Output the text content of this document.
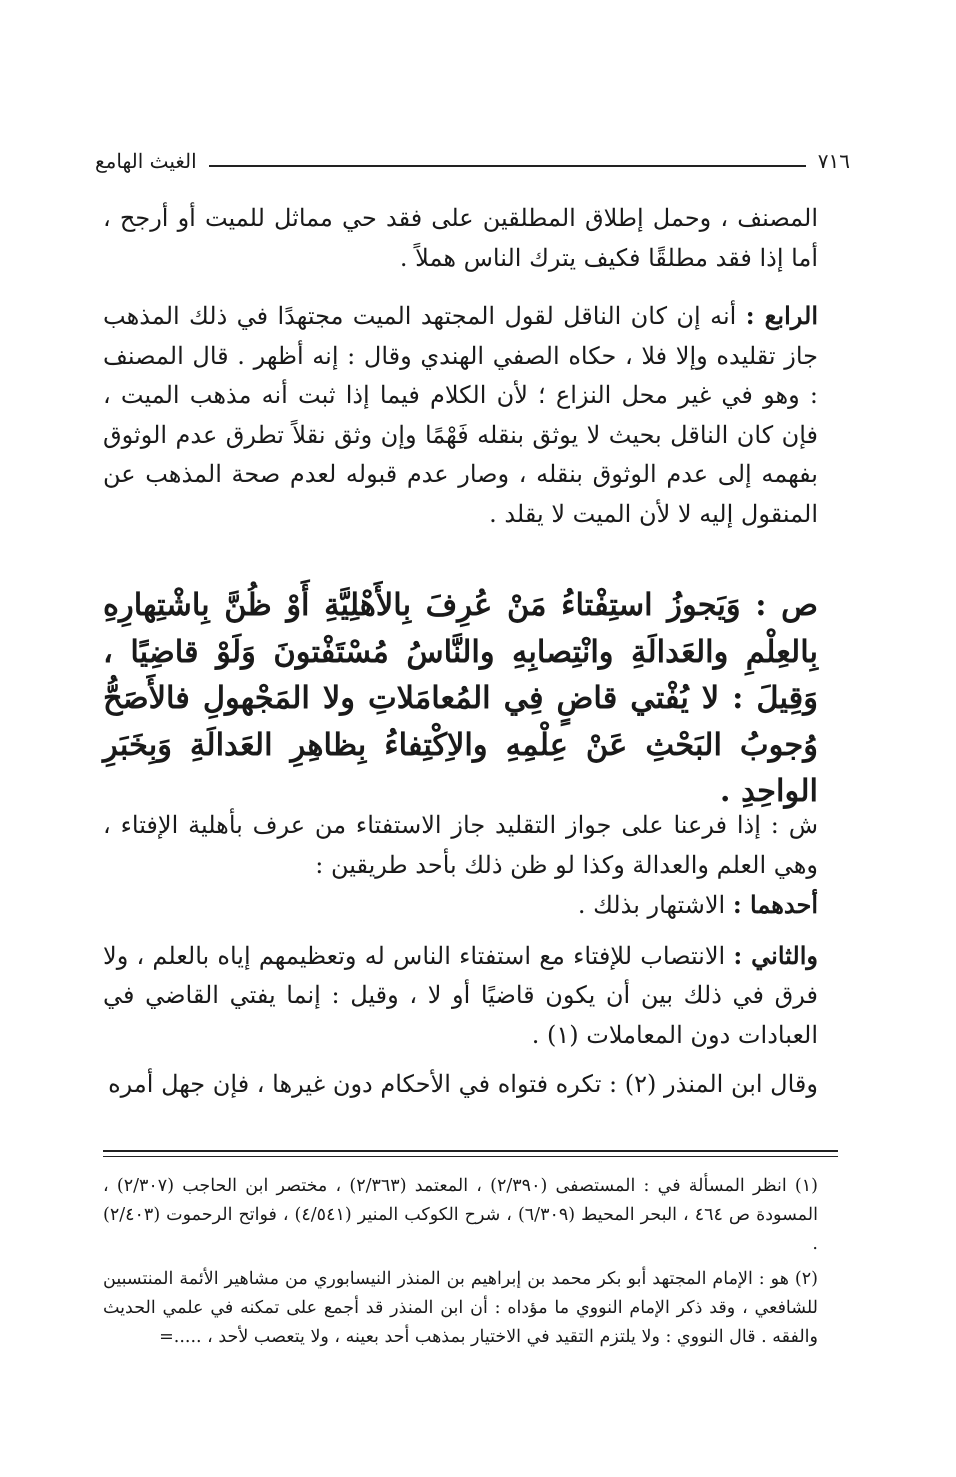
٧١٦
الغيث الهامع

المصنف ، وحمل إطلاق المطلقين على فقد حي مماثل للميت أو أرجح ، أما إذا فقد مطلقًا فكيف يترك الناس هملاً .

الرابع : أنه إن كان الناقل لقول المجتهد الميت مجتهدًا في ذلك المذهب جاز تقليده وإلا فلا ، حكاه الصفي الهندي وقال : إنه أظهر . قال المصنف : وهو في غير محل النزاع ؛ لأن الكلام فيما إذا ثبت أنه مذهب الميت ، فإن كان الناقل بحيث لا يوثق بنقله فَهْمًا وإن وثق نقلاً تطرق عدم الوثوق بفهمه إلى عدم الوثوق بنقله ، وصار عدم قبوله لعدم صحة المذهب عن المنقول إليه لا لأن الميت لا يقلد .

ص : وَيَجوزُ استِفْتاءُ مَنْ عُرِفَ بِالأَهْلِيَّةِ أَوْ ظُنَّ بِاشْتِهارِهِ بِالعِلْمِ والعَدالَةِ وانْتِصابِهِ والنَّاسُ مُسْتَفْتونَ وَلَوْ قاضِيًا ، وَقِيلَ : لا يُفْتي قاضٍ فِي المُعامَلاتِ ولا المَجْهولِ فالأَصَحُّ وُجوبُ البَحْثِ عَنْ عِلْمِهِ والاِكْتِفاءُ بِظاهِرِ العَدالَةِ وَبِخَبَرِ الواحِدِ .

ش : إذا فرعنا على جواز التقليد جاز الاستفتاء من عرف بأهلية الإفتاء ، وهي العلم والعدالة وكذا لو ظن ذلك بأحد طريقين :

أحدهما : الاشتهار بذلك .

والثاني : الانتصاب للإفتاء مع استفتاء الناس له وتعظيمهم إياه بالعلم ، ولا فرق في ذلك بين أن يكون قاضيًا أو لا ، وقيل : إنما يفتي القاضي في العبادات دون المعاملات (١) .

وقال ابن المنذر (٢) : تكره فتواه في الأحكام دون غيرها ، فإن جهل أمره

(١) انظر المسألة في : المستصفى (٢/٣٩٠) ، المعتمد (٢/٣٦٣) ، مختصر ابن الحاجب (٢/٣٠٧) ، المسودة ص ٤٦٤ ، البحر المحيط (٦/٣٠٩) ، شرح الكوكب المنير (٤/٥٤١) ، فواتح الرحموت (٢/٤٠٣) .

(٢) هو : الإمام المجتهد أبو بكر محمد بن إبراهيم بن المنذر النيسابوري من مشاهير الأئمة المنتسبين للشافعي ، وقد ذكر الإمام النووي ما مؤداه : أن ابن المنذر قد أجمع على تمكنه في علمي الحديث والفقه . قال النووي : ولا يلتزم التقيد في الاختيار بمذهب أحد بعينه ، ولا يتعصب لأحد ، .....=
